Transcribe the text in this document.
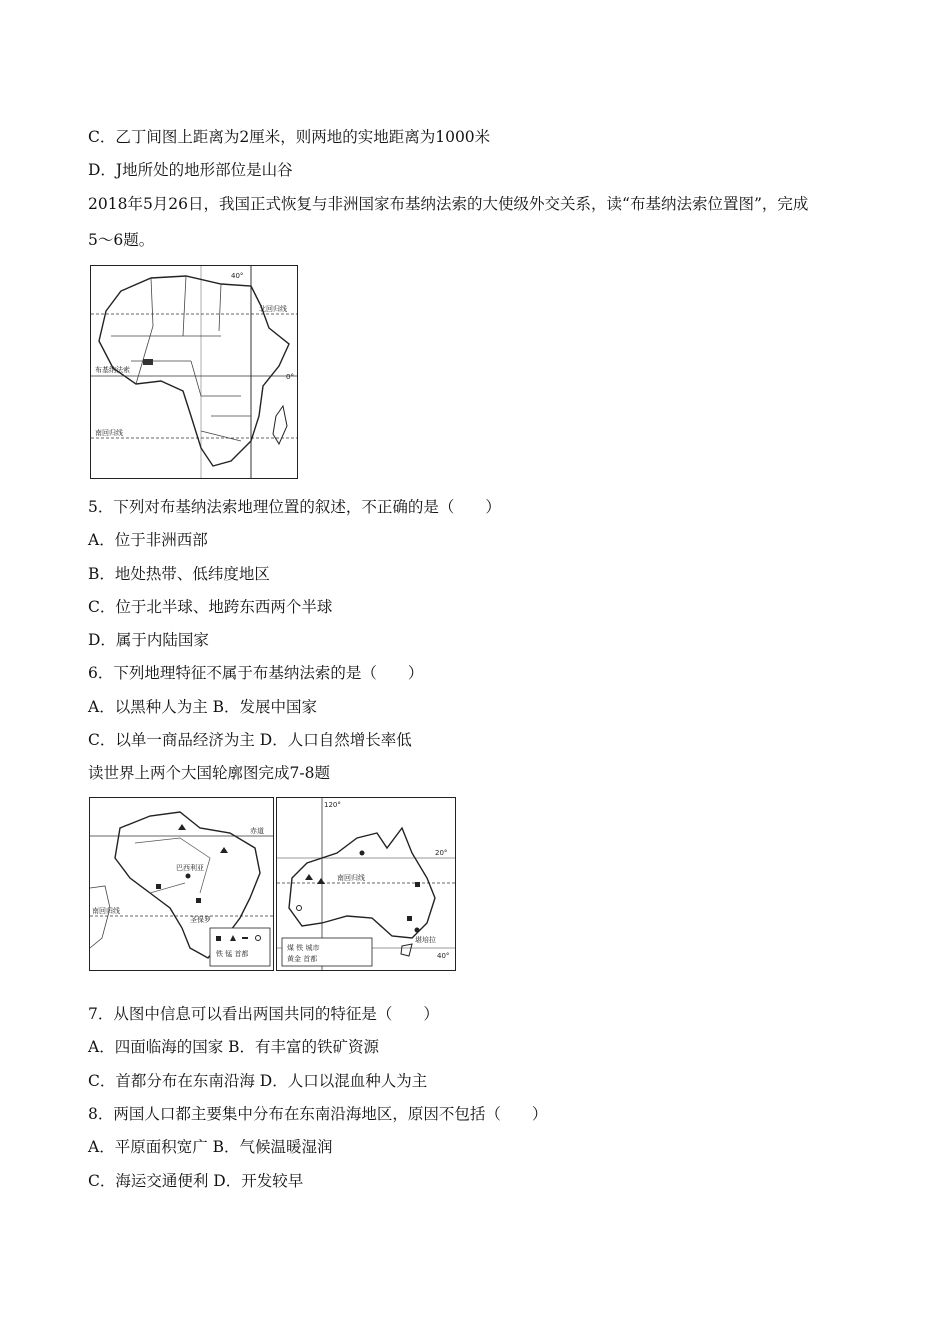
C．乙丁间图上距离为2厘米，则两地的实地距离为1000米
D．J地所处的地形部位是山谷
2018年5月26日，我国正式恢复与非洲国家布基纳法索的大使级外交关系，读“布基纳法索位置图”，完成
5～6题。
40°
北回归线
布基纳法索
0°
南回归线
5．下列对布基纳法索地理位置的叙述，不正确的是（　　）
A．位于非洲西部
B．地处热带、低纬度地区
C．位于北半球、地跨东西两个半球
D．属于内陆国家
6．下列地理特征不属于布基纳法索的是（　　）
A．以黑种人为主 B．发展中国家
C．以单一商品经济为主 D．人口自然增长率低
读世界上两个大国轮廓图完成7-8题
铁 锰 首都
赤道
巴西利亚
圣保罗
南回归线
煤 铁 城市
黄金 首都
120°
20°
南回归线
堪培拉
40°
7．从图中信息可以看出两国共同的特征是（　　）
A．四面临海的国家 B．有丰富的铁矿资源
C．首都分布在东南沿海 D．人口以混血种人为主
8．两国人口都主要集中分布在东南沿海地区，原因不包括（　　）
A．平原面积宽广 B．气候温暖湿润
C．海运交通便利 D．开发较早
